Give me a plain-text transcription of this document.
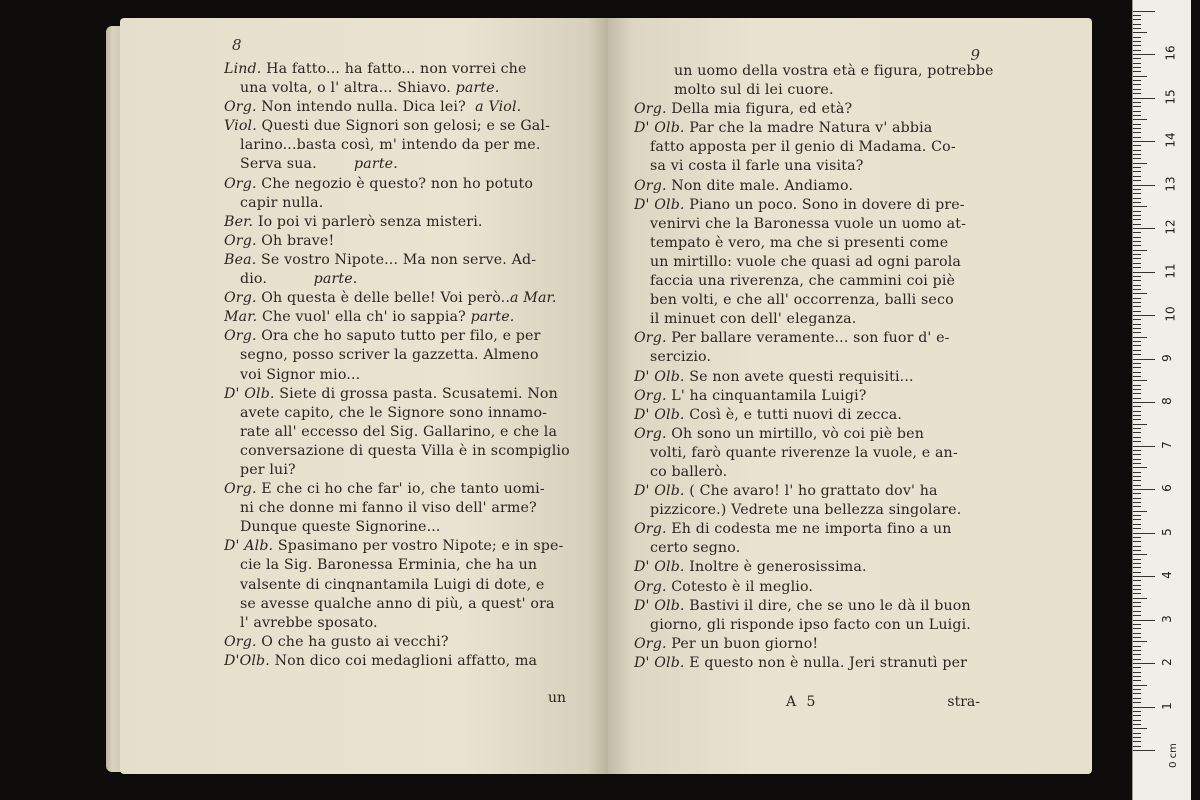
8
Lind. Ha fatto... ha fatto... non vorrei che
una volta, o l' altra... Shiavo. parte.
Org. Non intendo nulla. Dica lei?  a Viol.
Viol. Questi due Signori son gelosi; e se Gal-
larino...basta così, m' intendo da per me.
Serva sua.        parte.
Org. Che negozio è questo? non ho potuto
capir nulla.
Ber. Io poi vi parlerò senza misteri.
Org. Oh brave!
Bea. Se vostro Nipote... Ma non serve. Ad-
dio.          parte.
Org. Oh questa è delle belle! Voi però..a Mar.
Mar. Che vuol' ella ch' io sappia? parte.
Org. Ora che ho saputo tutto per filo, e per
segno, posso scriver la gazzetta. Almeno
voi Signor mio...
D' Olb. Siete di grossa pasta. Scusatemi. Non
avete capito, che le Signore sono innamo-
rate all' eccesso del Sig. Gallarino, e che la
conversazione di questa Villa è in scompiglio
per lui?
Org. E che ci ho che far' io, che tanto uomi-
ni che donne mi fanno il viso dell' arme?
Dunque queste Signorine...
D' Alb. Spasimano per vostro Nipote; e in spe-
cie la Sig. Baronessa Erminia, che ha un
valsente di cinqnantamila Luigi di dote, e
se avesse qualche anno di più, a quest' ora
l' avrebbe sposato.
Org. O che ha gusto ai vecchi?
D'Olb. Non dico coi medaglioni affatto, ma
un
9
un uomo della vostra età e figura, potrebbe
molto sul di lei cuore.
Org. Della mia figura, ed età?
D' Olb. Par che la madre Natura v' abbia
fatto apposta per il genio di Madama. Co-
sa vi costa il farle una visita?
Org. Non dite male. Andiamo.
D' Olb. Piano un poco. Sono in dovere di pre-
venirvi che la Baronessa vuole un uomo at-
tempato è vero, ma che si presenti come
un mirtillo: vuole che quasi ad ogni parola
faccia una riverenza, che cammini coi piè
ben volti, e che all' occorrenza, balli seco
il minuet con dell' eleganza.
Org. Per ballare veramente... son fuor d' e-
sercizio.
D' Olb. Se non avete questi requisiti...
Org. L' ha cinquantamila Luigi?
D' Olb. Così è, e tutti nuovi di zecca.
Org. Oh sono un mirtillo, vò coi piè ben
volti, farò quante riverenze la vuole, e an-
co ballerò.
D' Olb. ( Che avaro! l' ho grattato dov' ha
pizzicore.) Vedrete una bellezza singolare.
Org. Eh di codesta me ne importa fino a un
certo segno.
D' Olb. Inoltre è generosissima.
Org. Cotesto è il meglio.
D' Olb. Bastivi il dire, che se uno le dà il buon
giorno, gli risponde ipso facto con un Luigi.
Org. Per un buon giorno!
D' Olb. E questo non è nulla. Jeri stranutì per
A 5	stra-
0 cm
1
2
3
4
5
6
7
8
9
10
11
12
13
14
15
16
